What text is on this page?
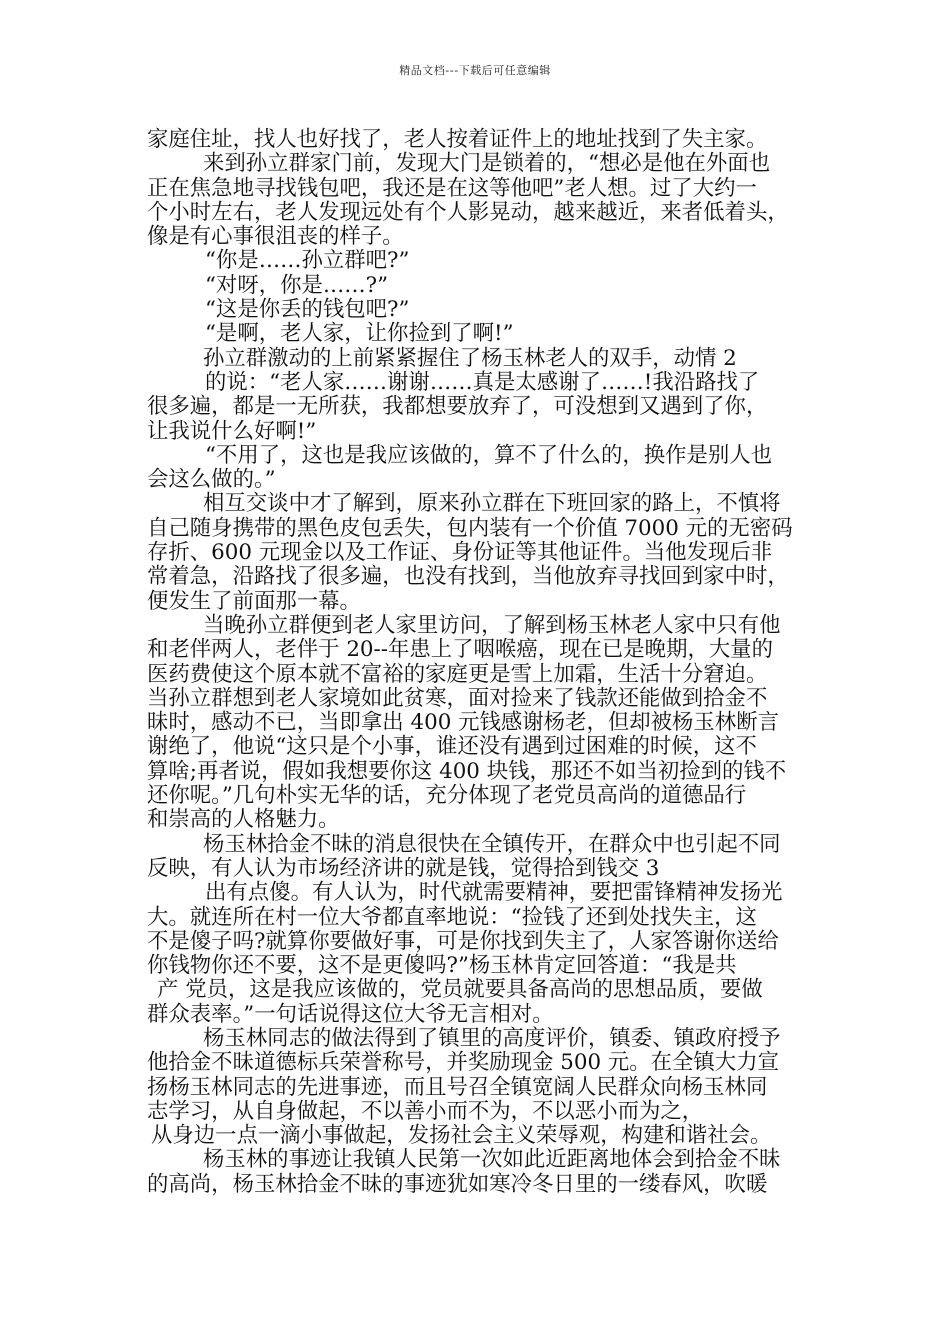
精品文档---下载后可任意编辑
家庭住址，找人也好找了，老人按着证件上的地址找到了失主家。
来到孙立群家门前，发现大门是锁着的，“想必是他在外面也
正在焦急地寻找钱包吧，我还是在这等他吧”老人想。过了大约一
个小时左右，老人发现远处有个人影晃动，越来越近，来者低着头，
像是有心事很沮丧的样子。
“你是……孙立群吧?”
“对呀，你是……?”
“这是你丢的钱包吧?”
“是啊，老人家，让你捡到了啊!”
孙立群激动的上前紧紧握住了杨玉林老人的双手，动情 2
的说：“老人家……谢谢……真是太感谢了……!我沿路找了
很多遍，都是一无所获，我都想要放弃了，可没想到又遇到了你，
让我说什么好啊!”
“不用了，这也是我应该做的，算不了什么的，换作是别人也
会这么做的。”
相互交谈中才了解到，原来孙立群在下班回家的路上，不慎将
自己随身携带的黑色皮包丢失，包内装有一个价值 7000 元的无密码
存折、600 元现金以及工作证、身份证等其他证件。当他发现后非
常着急，沿路找了很多遍，也没有找到，当他放弃寻找回到家中时，
便发生了前面那一幕。
当晚孙立群便到老人家里访问，了解到杨玉林老人家中只有他
和老伴两人，老伴于 20--年患上了咽喉癌，现在已是晚期，大量的
医药费使这个原本就不富裕的家庭更是雪上加霜，生活十分窘迫。
当孙立群想到老人家境如此贫寒，面对捡来了钱款还能做到拾金不
昧时，感动不已，当即拿出 400 元钱感谢杨老，但却被杨玉林断言
谢绝了，他说“这只是个小事，谁还没有遇到过困难的时候，这不
算啥;再者说，假如我想要你这 400 块钱，那还不如当初捡到的钱不
还你呢。”几句朴实无华的话，充分体现了老党员高尚的道德品行
和崇高的人格魅力。
杨玉林拾金不昧的消息很快在全镇传开，在群众中也引起不同
反映，有人认为市场经济讲的就是钱，觉得拾到钱交 3
出有点傻。有人认为，时代就需要精神，要把雷锋精神发扬光
大。就连所在村一位大爷都直率地说：“捡钱了还到处找失主，这
不是傻子吗?就算你要做好事，可是你找到失主了，人家答谢你送给
你钱物你还不要，这不是更傻吗?”杨玉林肯定回答道：“我是共
产 党员，这是我应该做的，党员就要具备高尚的思想品质，要做
群众表率。”一句话说得这位大爷无言相对。
杨玉林同志的做法得到了镇里的高度评价，镇委、镇政府授予
他拾金不昧道德标兵荣誉称号，并奖励现金 500 元。在全镇大力宣
扬杨玉林同志的先进事迹，而且号召全镇宽阔人民群众向杨玉林同
志学习，从自身做起，不以善小而不为，不以恶小而为之，
从身边一点一滴小事做起，发扬社会主义荣辱观，构建和谐社会。
杨玉林的事迹让我镇人民第一次如此近距离地体会到拾金不昧
的高尚，杨玉林拾金不昧的事迹犹如寒冷冬日里的一缕春风，吹暖
